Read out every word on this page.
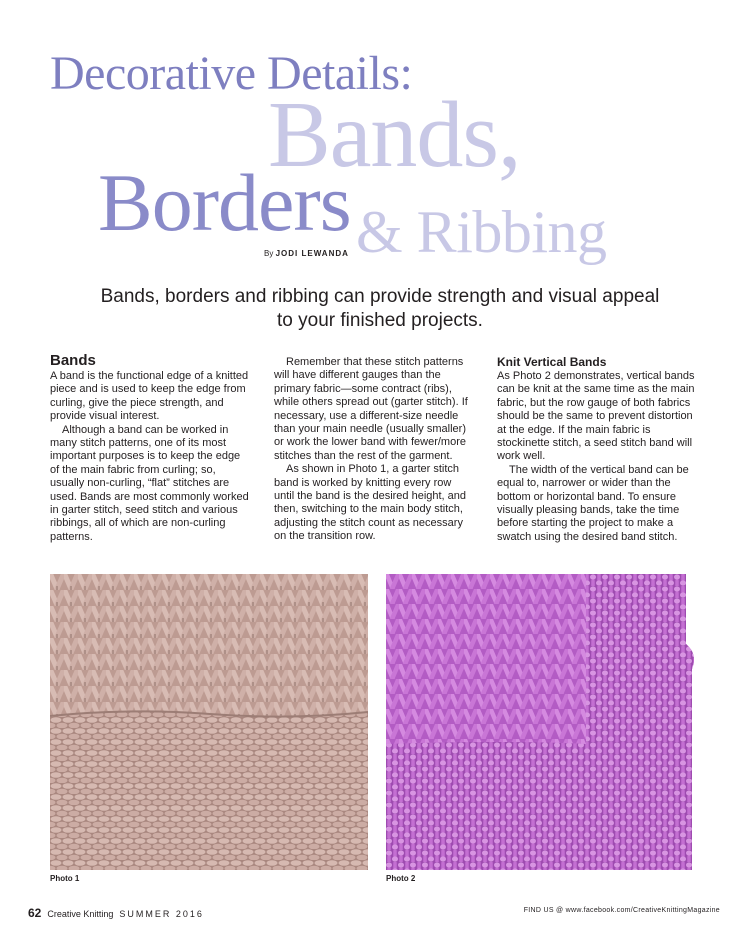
Decorative Details:
Bands,
Borders & Ribbing
By JODI LEWANDA
Bands, borders and ribbing can provide strength and visual appeal to your finished projects.
Bands

A band is the functional edge of a knitted piece and is used to keep the edge from curling, give the piece strength, and provide visual interest.

Although a band can be worked in many stitch patterns, one of its most important purposes is to keep the edge of the main fabric from curling; so, usually non-curling, “flat” stitches are used. Bands are most commonly worked in garter stitch, seed stitch and various ribbings, all of which are non-curling patterns.

Remember that these stitch patterns will have different gauges than the primary fabric—some contract (ribs), while others spread out (garter stitch). If necessary, use a different-size needle than your main needle (usually smaller) or work the lower band with fewer/more stitches than the rest of the garment.

As shown in Photo 1, a garter stitch band is worked by knitting every row until the band is the desired height, and then, switching to the main body stitch, adjusting the stitch count as necessary on the transition row.

Knit Vertical Bands

As Photo 2 demonstrates, vertical bands can be knit at the same time as the main fabric, but the row gauge of both fabrics should be the same to prevent distortion at the edge. If the main fabric is stockinette stitch, a seed stitch band will work well.

The width of the vertical band can be equal to, narrower or wider than the bottom or horizontal band. To ensure visually pleasing bands, take the time before starting the project to make a swatch using the desired band stitch.

Photo 1	Photo 2
62 Creative Knitting SUMMER 2016	FIND US @ www.facebook.com/CreativeKnittingMagazine
